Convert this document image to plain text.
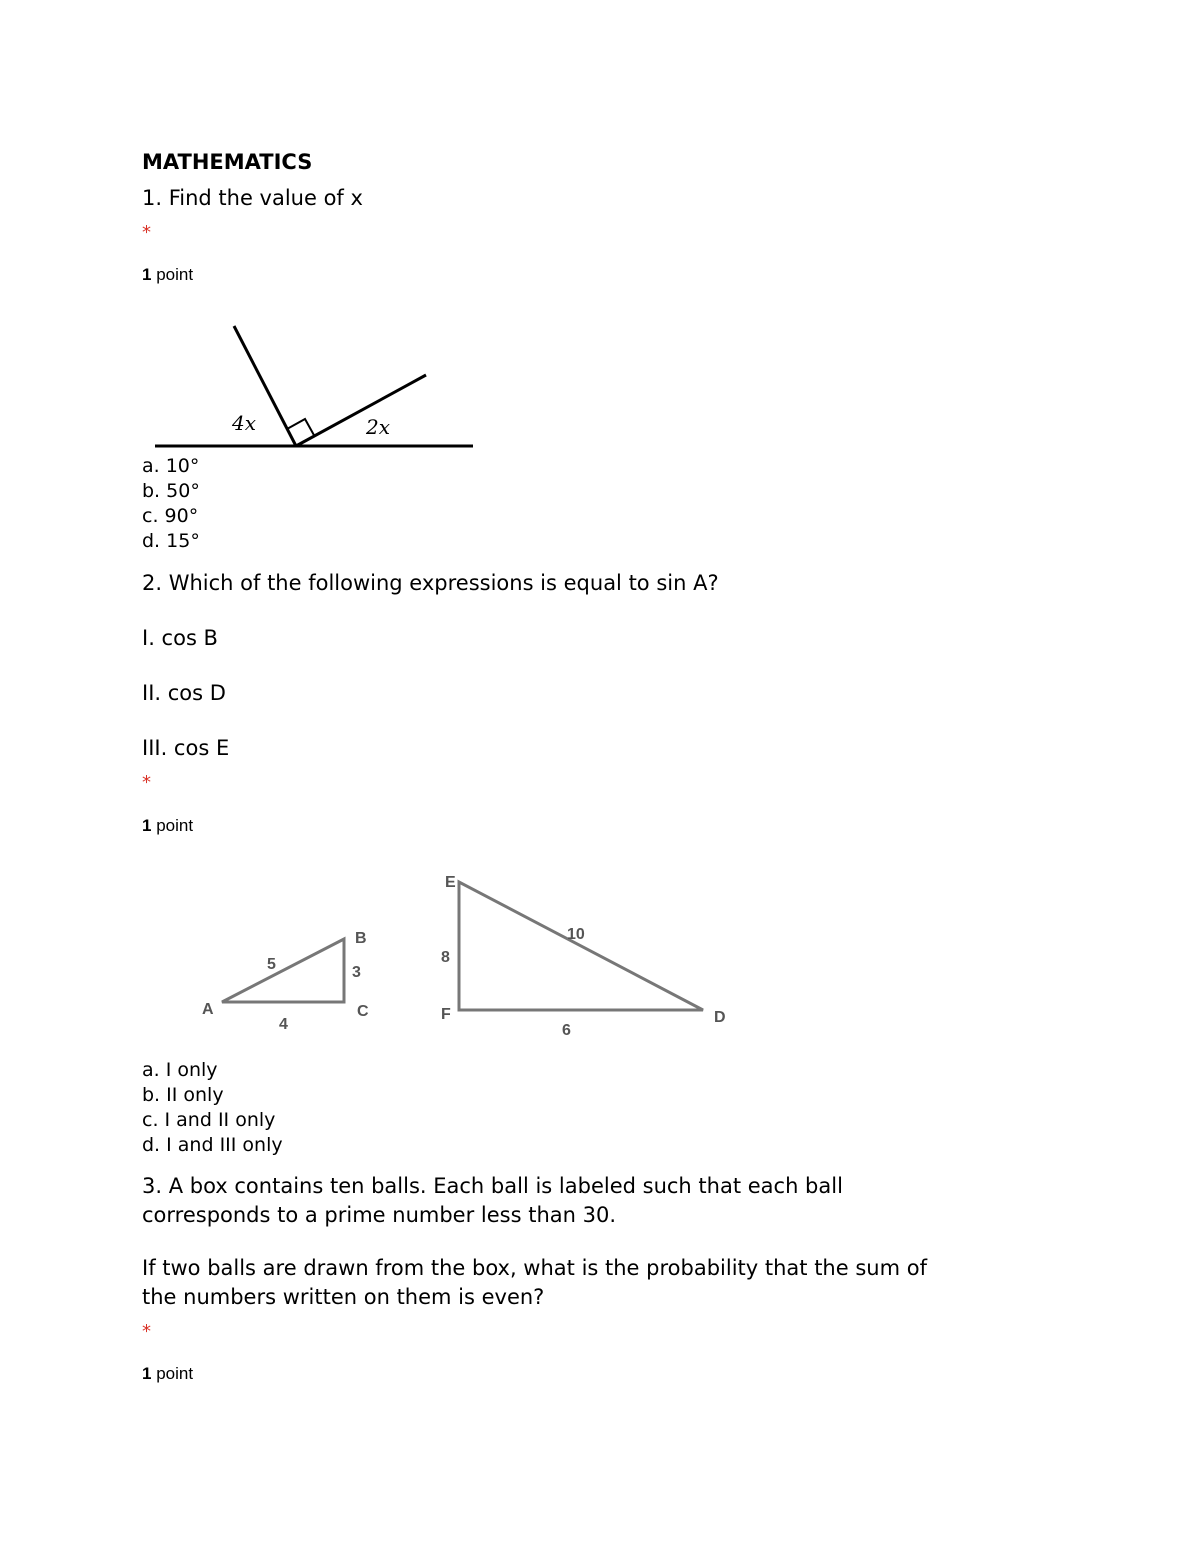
MATHEMATICS
1. Find the value of x
*
1 point
4x	2x
a. 10°
b. 50°
c. 90°
d. 15°
2. Which of the following expressions is equal to sin A?
I. cos B
II. cos D
III. cos E
*
1 point
A
B
C
5	3
4
E
F	D
10
8
6
a. I only
b. II only
c. I and II only
d. I and III only
3. A box contains ten balls. Each ball is labeled such that each ball
corresponds to a prime number less than 30.
If two balls are drawn from the box, what is the probability that the sum of
the numbers written on them is even?
*
1 point
